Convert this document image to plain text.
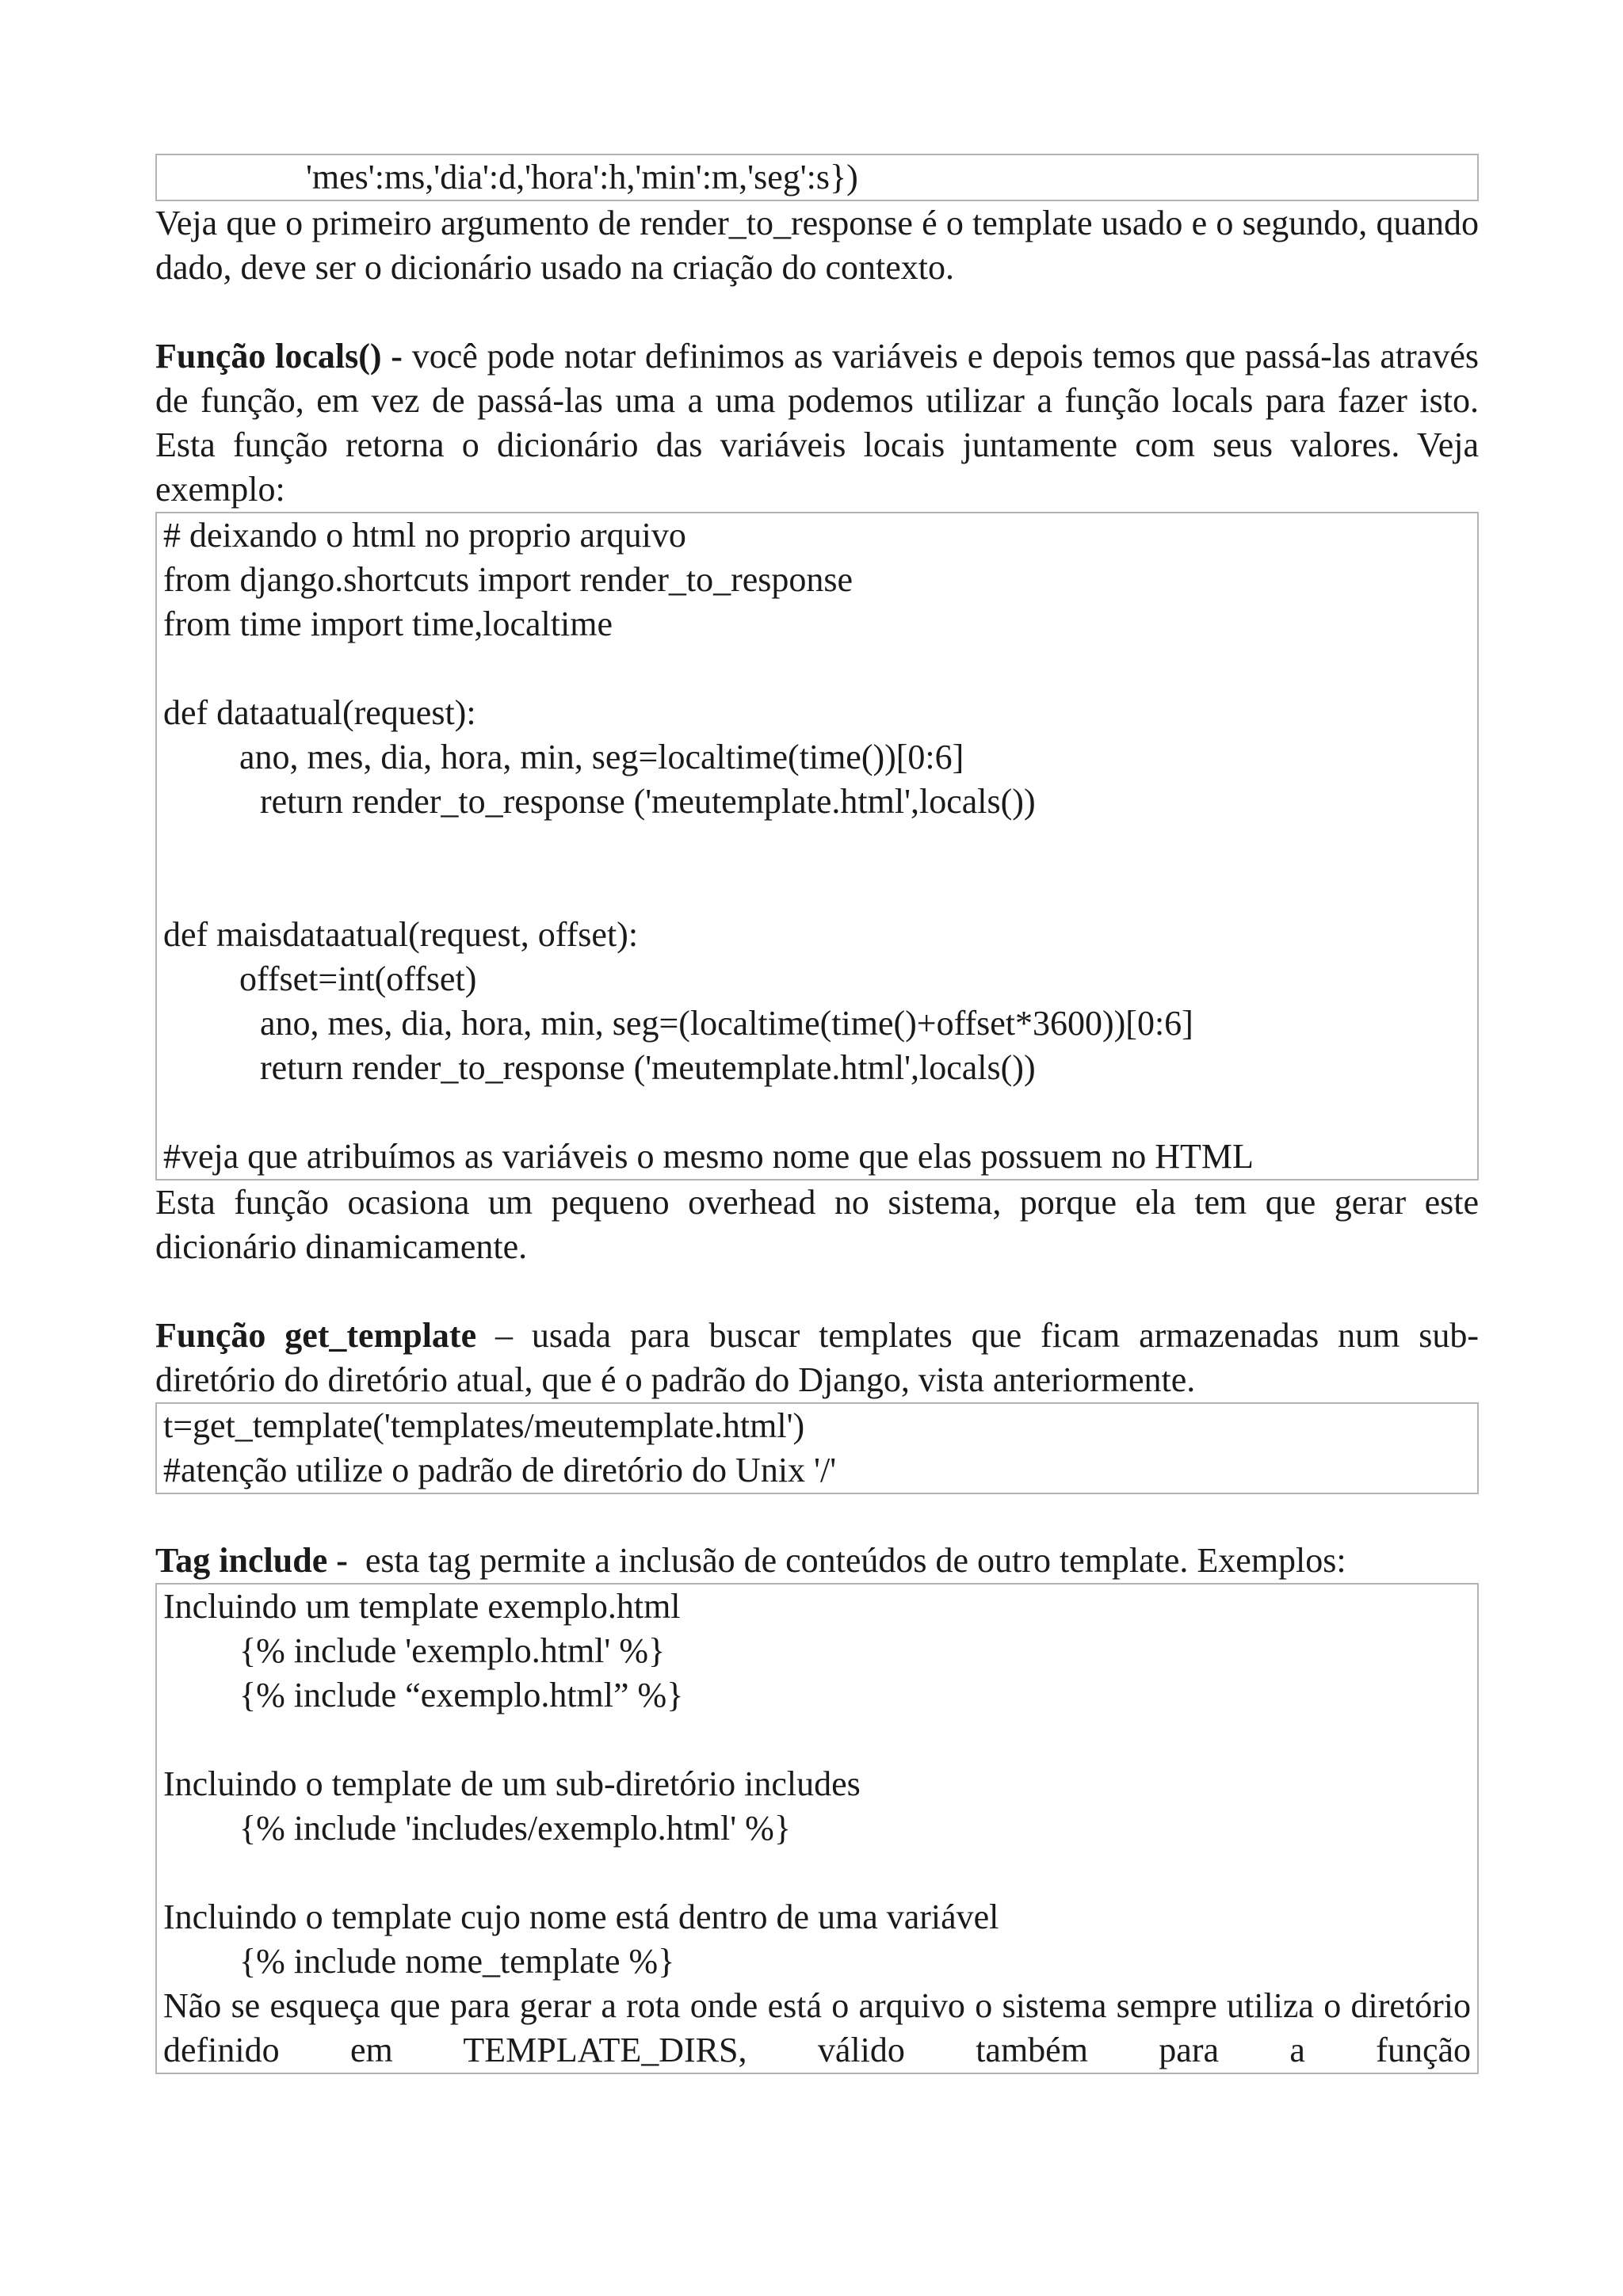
'mes':ms,'dia':d,'hora':h,'min':m,'seg':s})
Veja que o primeiro argumento de render_to_response é o template usado e o segundo, quando dado, deve ser o dicionário usado na criação do contexto.
Função locals() - você pode notar definimos as variáveis e depois temos que passá-las através de função, em vez de passá-las uma a uma podemos utilizar a função locals para fazer isto. Esta função retorna o dicionário das variáveis locais juntamente com seus valores. Veja exemplo:
# deixando o html no proprio arquivo
from django.shortcuts import render_to_response
from time import time,localtime
def dataatual(request):
ano, mes, dia, hora, min, seg=localtime(time())[0:6]
return render_to_response ('meutemplate.html',locals())
def maisdataatual(request, offset):
offset=int(offset)
ano, mes, dia, hora, min, seg=(localtime(time()+offset*3600))[0:6]
return render_to_response ('meutemplate.html',locals())
#veja que atribuímos as variáveis o mesmo nome que elas possuem no HTML
Esta função ocasiona um pequeno overhead no sistema, porque ela tem que gerar este dicionário dinamicamente.
Função get_template – usada para buscar templates que ficam armazenadas num sub-diretório do diretório atual, que é o padrão do Django, vista anteriormente.
t=get_template('templates/meutemplate.html')
#atenção utilize o padrão de diretório do Unix '/'
Tag include -  esta tag permite a inclusão de conteúdos de outro template. Exemplos:
Incluindo um template exemplo.html
{% include 'exemplo.html' %}
{% include “exemplo.html” %}
Incluindo o template de um sub-diretório includes
{% include 'includes/exemplo.html' %}
Incluindo o template cujo nome está dentro de uma variável
{% include nome_template %}
Não se esqueça que para gerar a rota onde está o arquivo o sistema sempre utiliza o diretório definido em TEMPLATE_DIRS, válido também para a função
